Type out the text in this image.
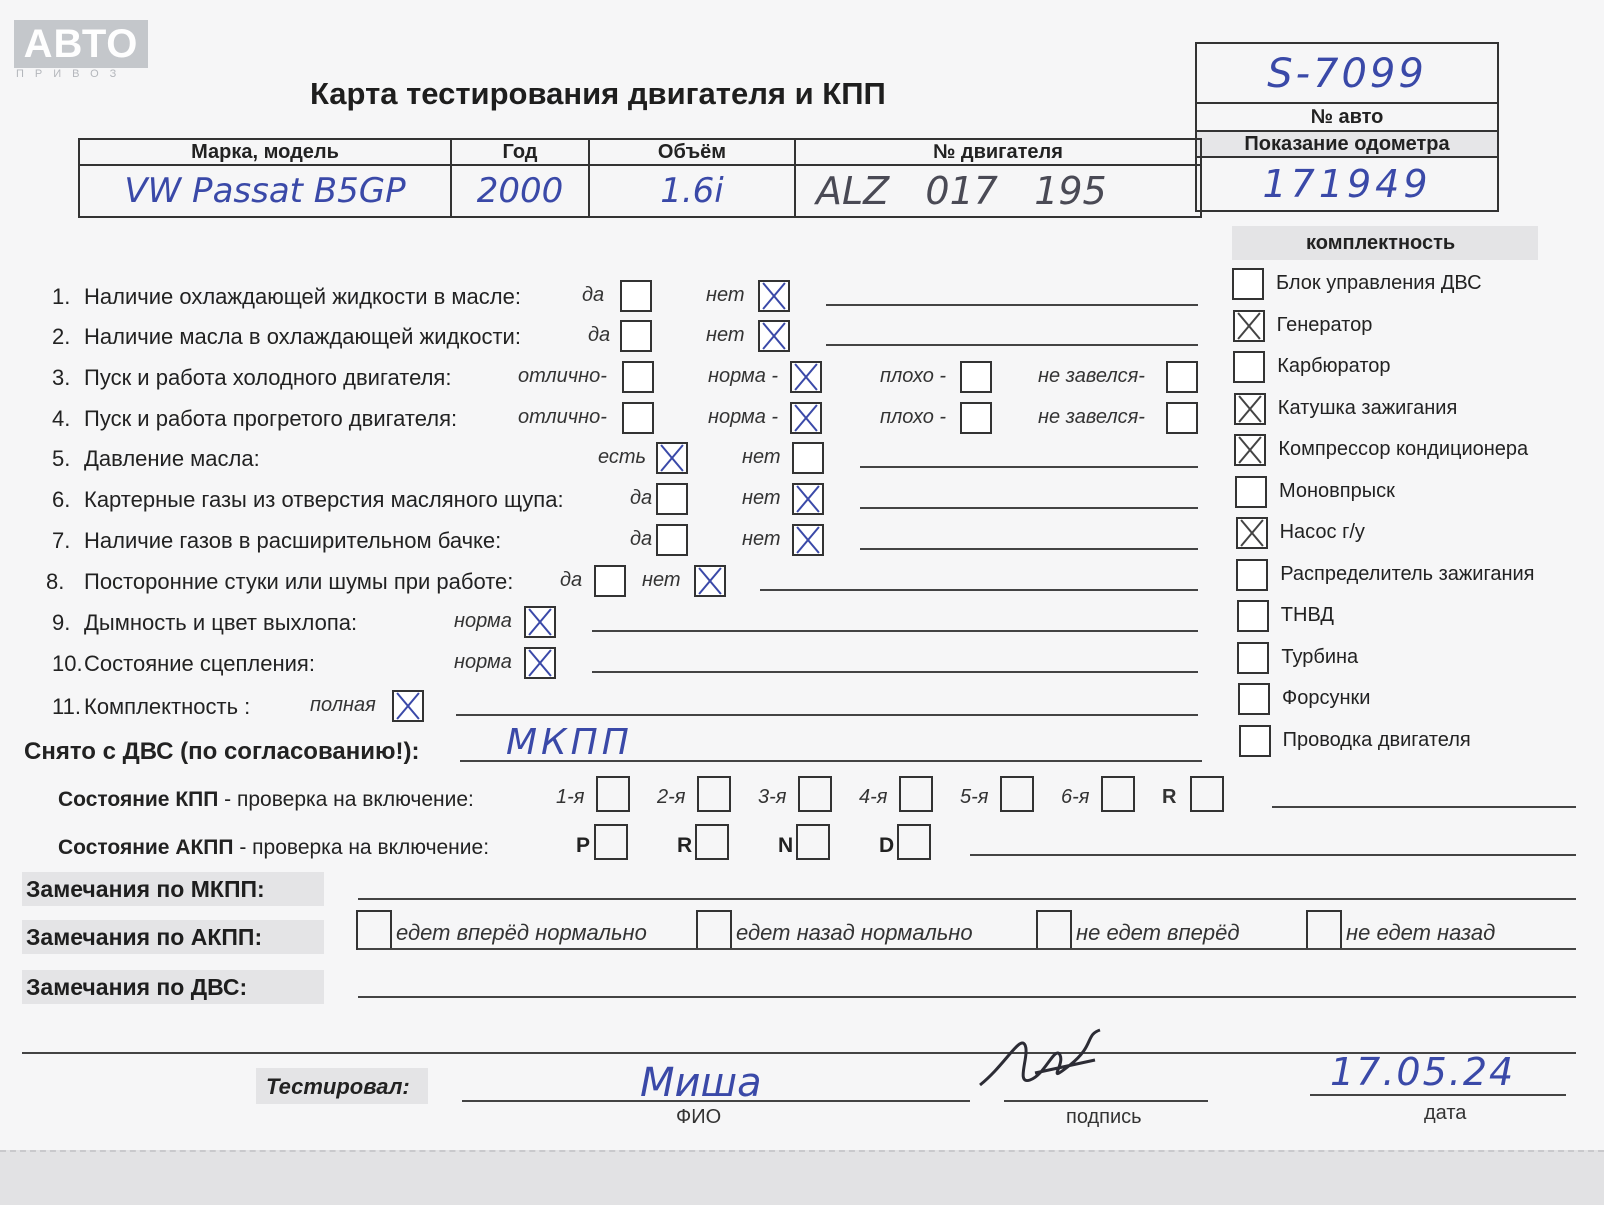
АВТО
ПРИВОЗ
Карта тестирования двигателя и КПП	S-7099
№ авто
Показание одометра
171949
Марка, модель	Год	Объём	№ двигателя
VW Passat B5GP	2000	1.6i	ALZ   017   195
комплектность
1. Наличие охлаждающей жидкости в масле:	да	нет
2. Наличие масла в охлаждающей жидкости:	да	нет
3. Пуск и работа холодного двигателя:	отлично-	норма -	плохо -	не завелся-
4. Пуск и работа прогретого двигателя:	отлично-	норма -	плохо -	не завелся-
5. Давление масла:	есть	нет
6. Картерные газы из отверстия масляного щупа:	да	нет
7. Наличие газов в расширительном бачке:	да	нет
8. Посторонние стуки или шумы при работе: да	нет
9. Дымность и цвет выхлопа:	норма
10. Состояние сцепления:	норма
11. Комплектность :	полная
Блок управления ДВС
Генератор
Карбюратор
Катушка зажигания
Компрессор кондиционера
Моновпрыск
Насос г/у
Распределитель зажигания
ТНВД
Турбина
Форсунки
Проводка двигателя
Снято с ДВС (по согласованию!): МКПП
Состояние КПП - проверка на включение:	1-я	2-я	3-я	4-я	5-я	6-я	R
Состояние АКПП - проверка на включение:	P	R	N	D
Замечания по МКПП:
Замечания по АКПП:	едет вперёд нормально	едет назад нормально	не едет вперёд	не едет назад
Замечания по ДВС:
Тестировал:	Миша
ФИО	подпись
17.05.24
дата
